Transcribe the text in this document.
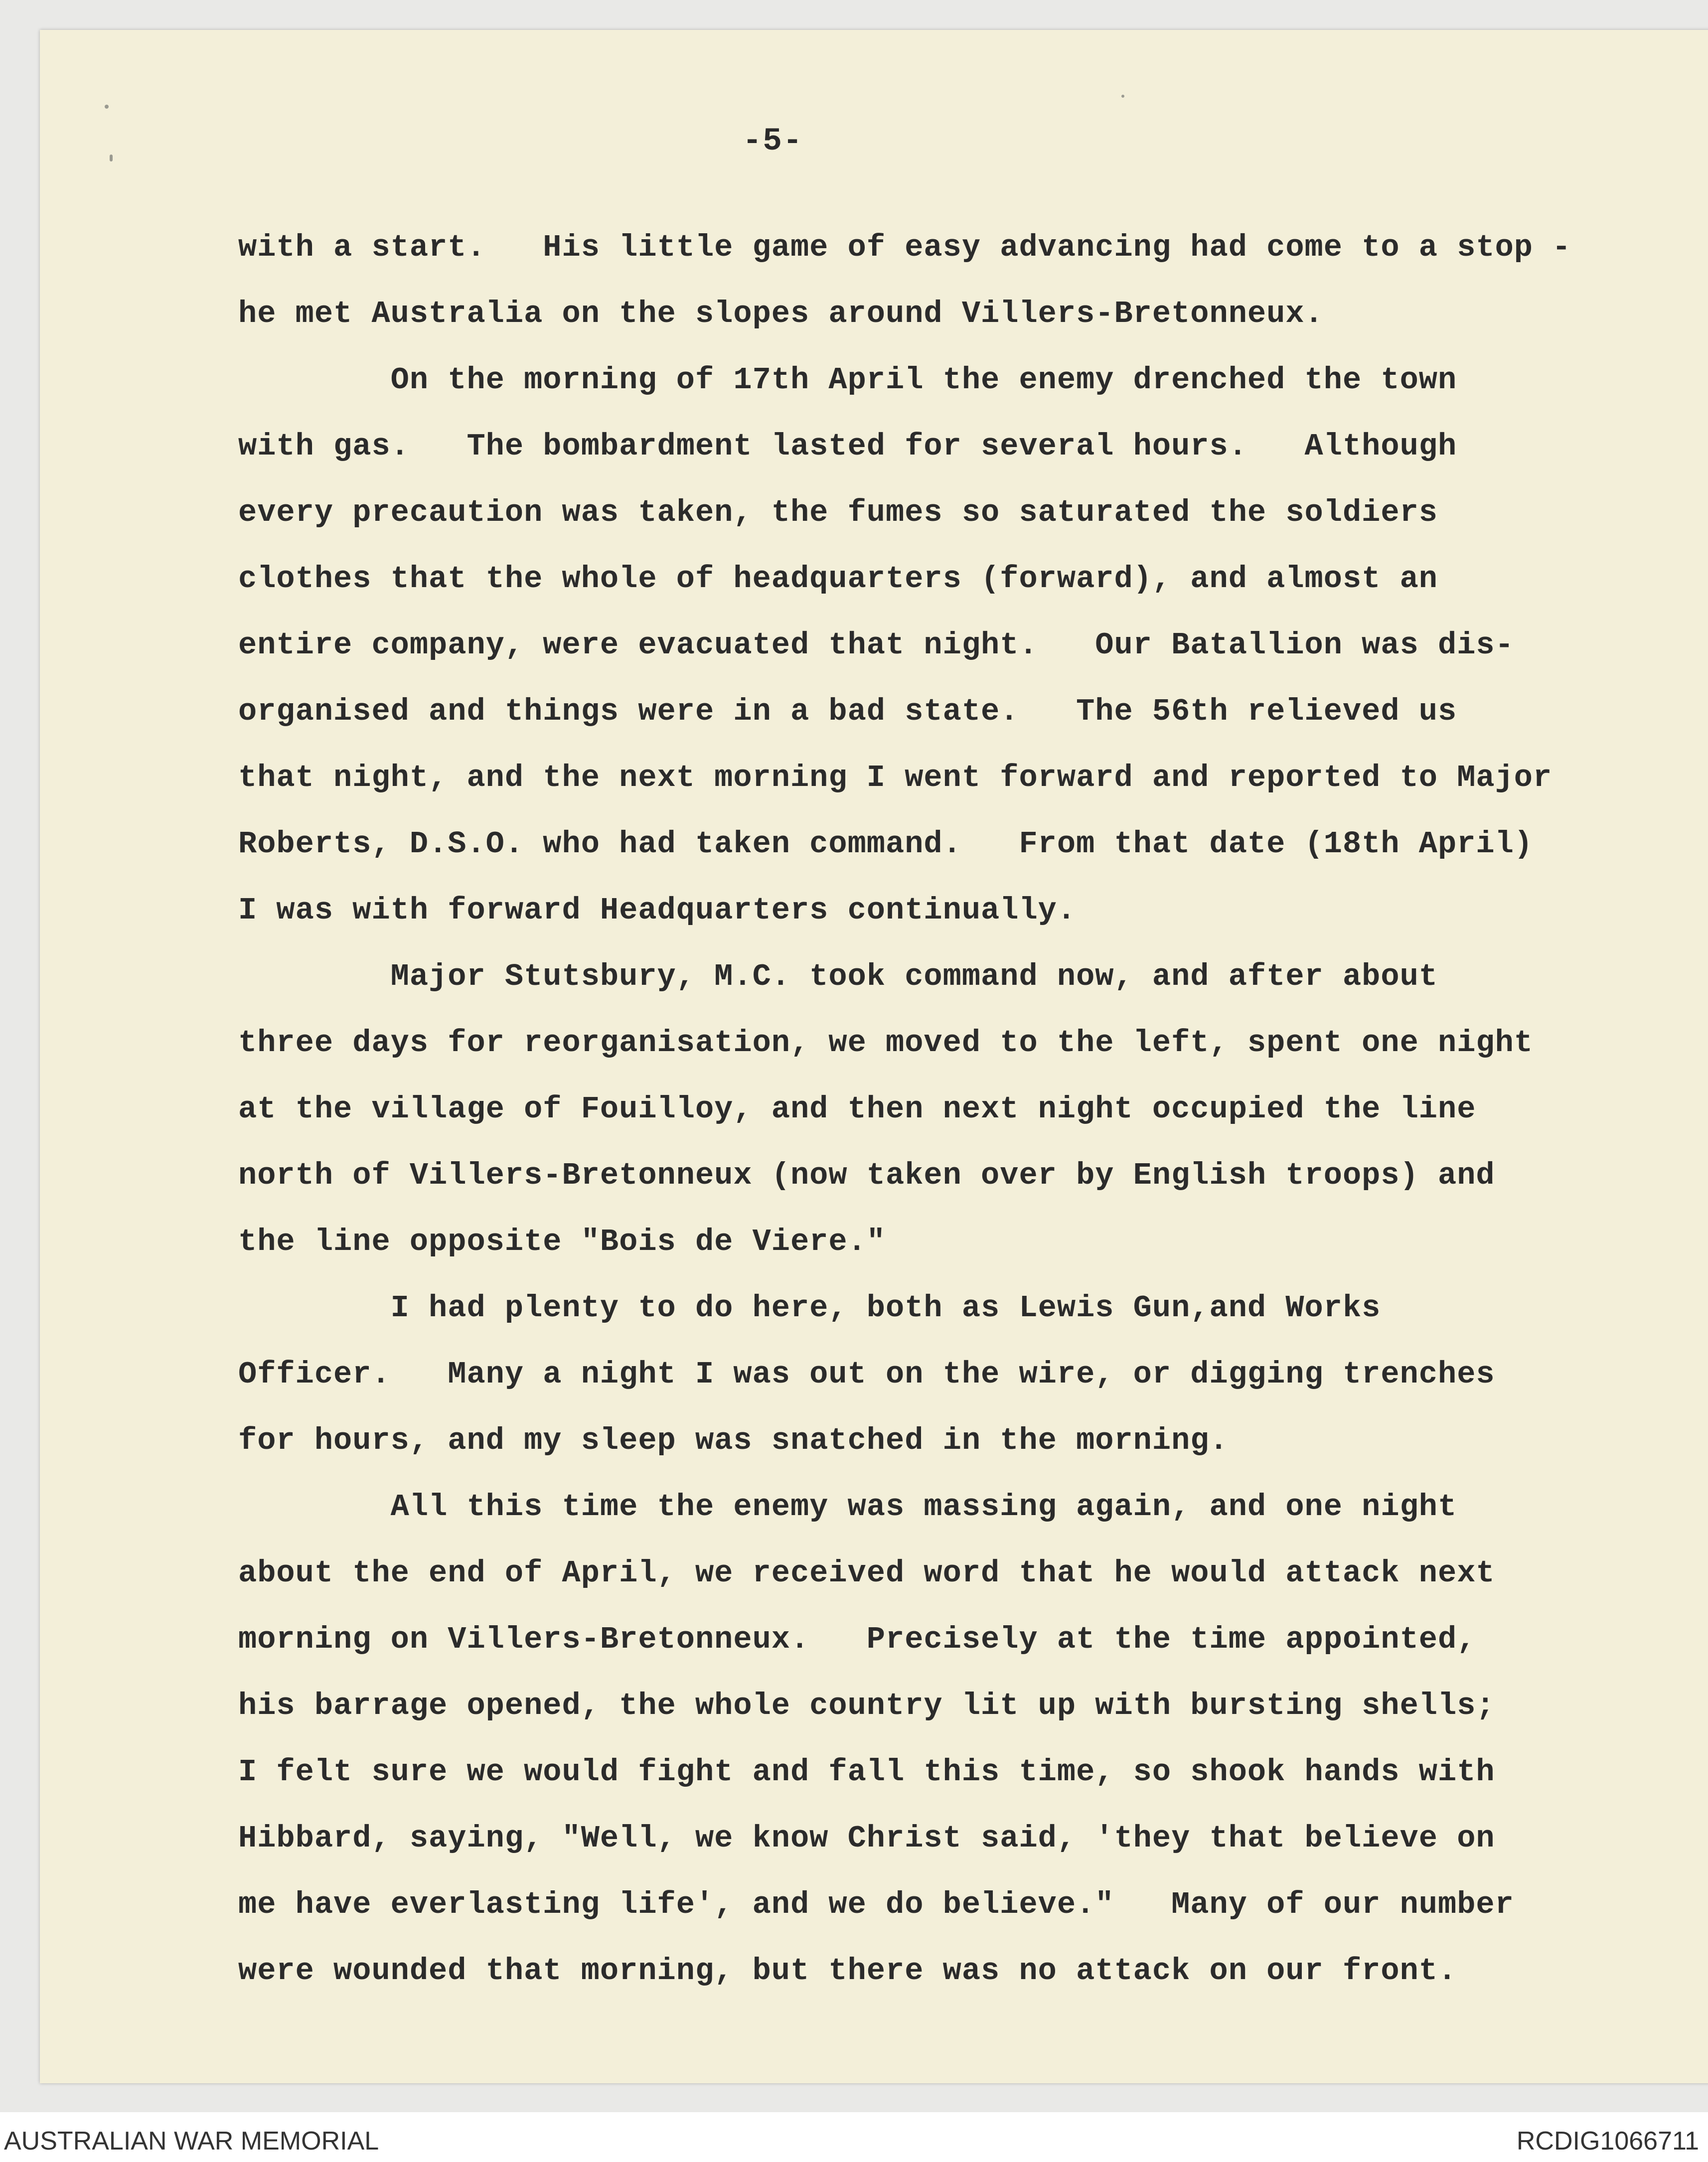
-5-
with a start.   His little game of easy advancing had come to a stop -
he met Australia on the slopes around Villers-Bretonneux.
On the morning of 17th April the enemy drenched the town
with gas.   The bombardment lasted for several hours.   Although
every precaution was taken, the fumes so saturated the soldiers
clothes that the whole of headquarters (forward), and almost an
entire company, were evacuated that night.   Our Batallion was dis-
organised and things were in a bad state.   The 56th relieved us
that night, and the next morning I went forward and reported to Major
Roberts, D.S.O. who had taken command.   From that date (18th April)
I was with forward Headquarters continually.
Major Stutsbury, M.C. took command now, and after about
three days for reorganisation, we moved to the left, spent one night
at the village of Fouilloy, and then next night occupied the line
north of Villers-Bretonneux (now taken over by English troops) and
the line opposite "Bois de Viere."
I had plenty to do here, both as Lewis Gun,and Works
Officer.   Many a night I was out on the wire, or digging trenches
for hours, and my sleep was snatched in the morning.
All this time the enemy was massing again, and one night
about the end of April, we received word that he would attack next
morning on Villers-Bretonneux.   Precisely at the time appointed,
his barrage opened, the whole country lit up with bursting shells;
I felt sure we would fight and fall this time, so shook hands with
Hibbard, saying, "Well, we know Christ said, 'they that believe on
me have everlasting life', and we do believe."   Many of our number
were wounded that morning, but there was no attack on our front.
AUSTRALIAN WAR MEMORIAL	RCDIG1066711
